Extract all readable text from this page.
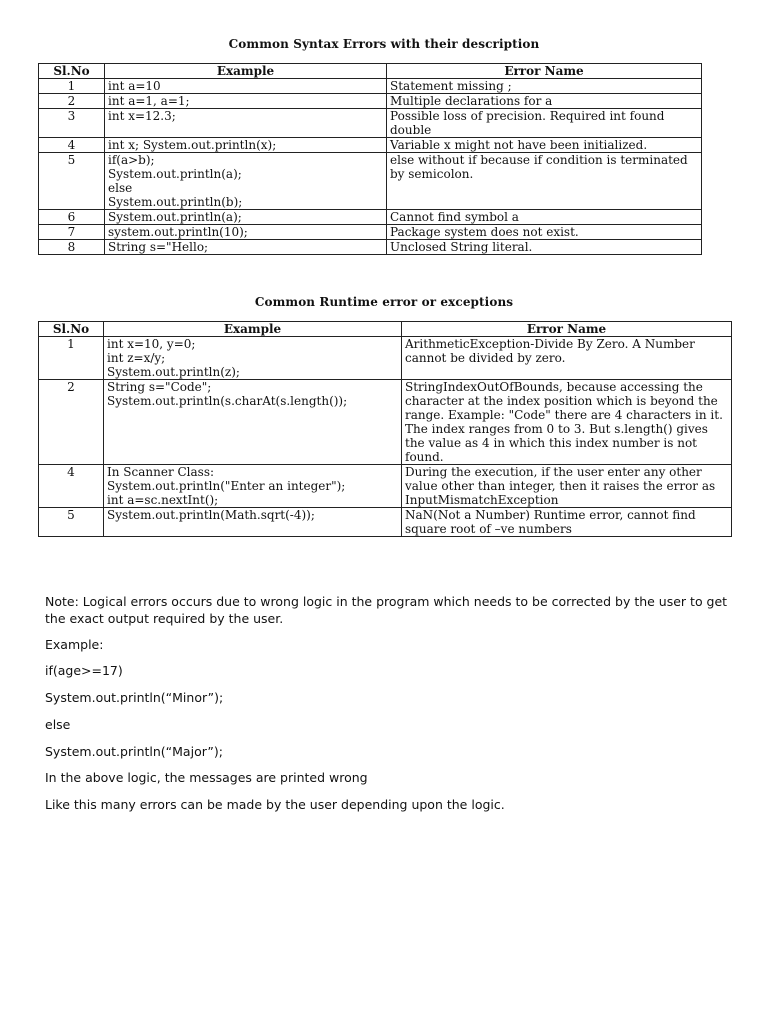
Common Syntax Errors with their description
Sl.No	Example	Error Name
1	int a=10	Statement missing ;
2	int a=1, a=1;	Multiple declarations for a
3	int x=12.3;	Possible loss of precision. Required int found double
4	int x; System.out.println(x);	Variable x might not have been initialized.
5	if(a>b);
System.out.println(a);
else
System.out.println(b);	else without if because if condition is terminated by semicolon.
6	System.out.println(a);	Cannot find symbol a
7	system.out.println(10);	Package system does not exist.
8	String s="Hello;	Unclosed String literal.
Common Runtime error or exceptions
Sl.No	Example	Error Name
1	int x=10, y=0;
int z=x/y;
System.out.println(z);	ArithmeticException-Divide By Zero. A Number cannot be divided by zero.
2	String s="Code";
System.out.println(s.charAt(s.length());	StringIndexOutOfBounds, because accessing the character at the index position which is beyond the range. Example: "Code" there are 4 characters in it. The index ranges from 0 to 3. But s.length() gives the value as 4 in which this index number is not found.
4	In Scanner Class:
System.out.println("Enter an integer");
int a=sc.nextInt();	During the execution, if the user enter any other value other than integer, then it raises the error as InputMismatchException
5	System.out.println(Math.sqrt(-4));	NaN(Not a Number) Runtime error, cannot find square root of –ve numbers
Note: Logical errors occurs due to wrong logic in the program which needs to be corrected by the user to get the exact output required by the user.
Example:
if(age>=17)
System.out.println(“Minor”);
else
System.out.println(“Major”);
In the above logic, the messages are printed wrong
Like this many errors can be made by the user depending upon the logic.
